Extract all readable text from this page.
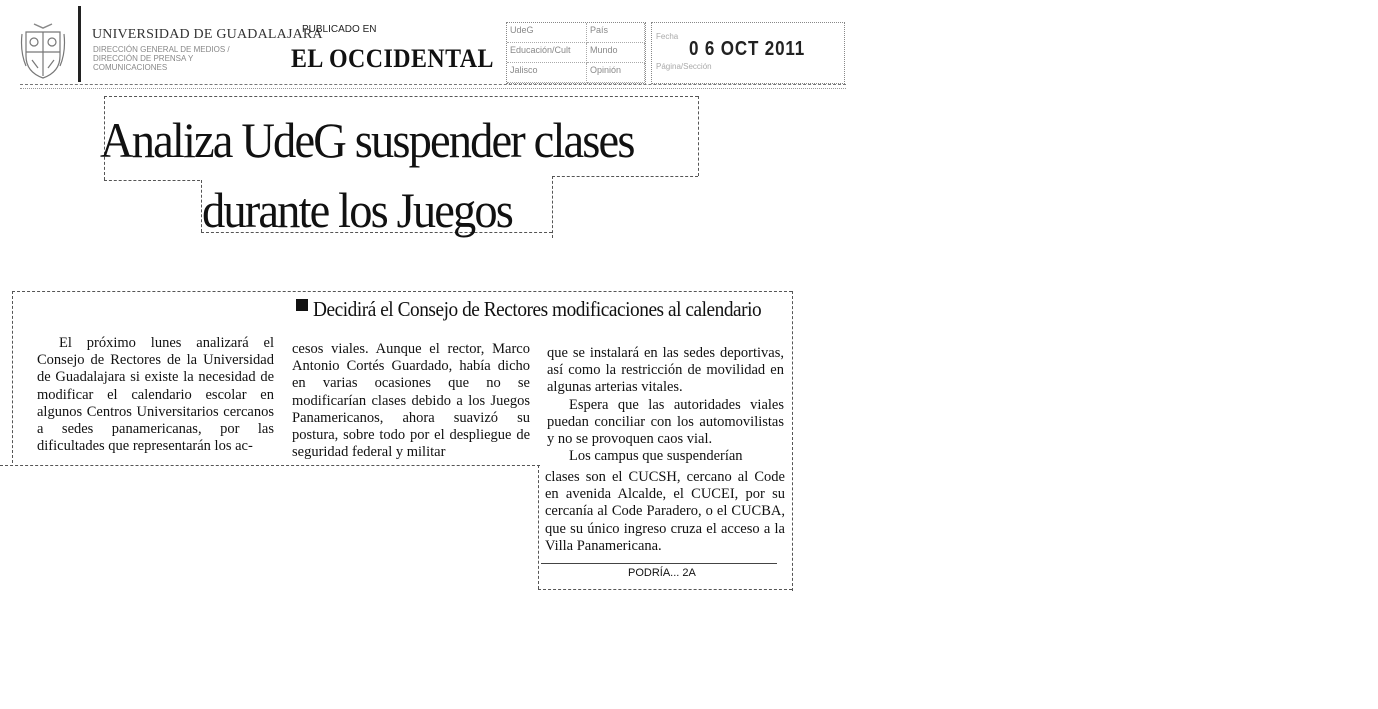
UNIVERSIDAD DE GUADALAJARA
DIRECCIÓN GENERAL DE MEDIOS /
DIRECCIÓN DE PRENSA Y
COMUNICACIONES
PUBLICADO EN
EL OCCIDENTAL
UdeG	País
Educación/Cult	Mundo
Jalisco	Opinión
Fecha
Página/Sección
0 6 OCT 2011
Analiza UdeG suspender clases
durante los Juegos
Decidirá el Consejo de Rectores modificaciones al calendario

El próximo lunes analizará el Consejo de Rectores de la Universidad de Guadalajara si existe la necesidad de modificar el calendario escolar en algunos Centros Universitarios cercanos a sedes panamericanas, por las dificultades que representarán los ac-

cesos viales. Aunque el rector, Marco Antonio Cortés Guardado, había dicho en varias ocasiones que no se modificarían clases debido a los Juegos Panamericanos, ahora suavizó su postura, sobre todo por el despliegue de seguridad federal y militar

que se instalará en las sedes deportivas, así como la restricción de movilidad en algunas arterias vitales.

Espera que las autoridades viales puedan conciliar con los automovilistas y no se provoquen caos vial.

Los campus que suspenderían

clases son el CUCSH, cercano al Code en avenida Alcalde, el CUCEI, por su cercanía al Code Paradero, o el CUCBA, que su único ingreso cruza el acceso a la Villa Panamericana.

PODRÍA... 2A
